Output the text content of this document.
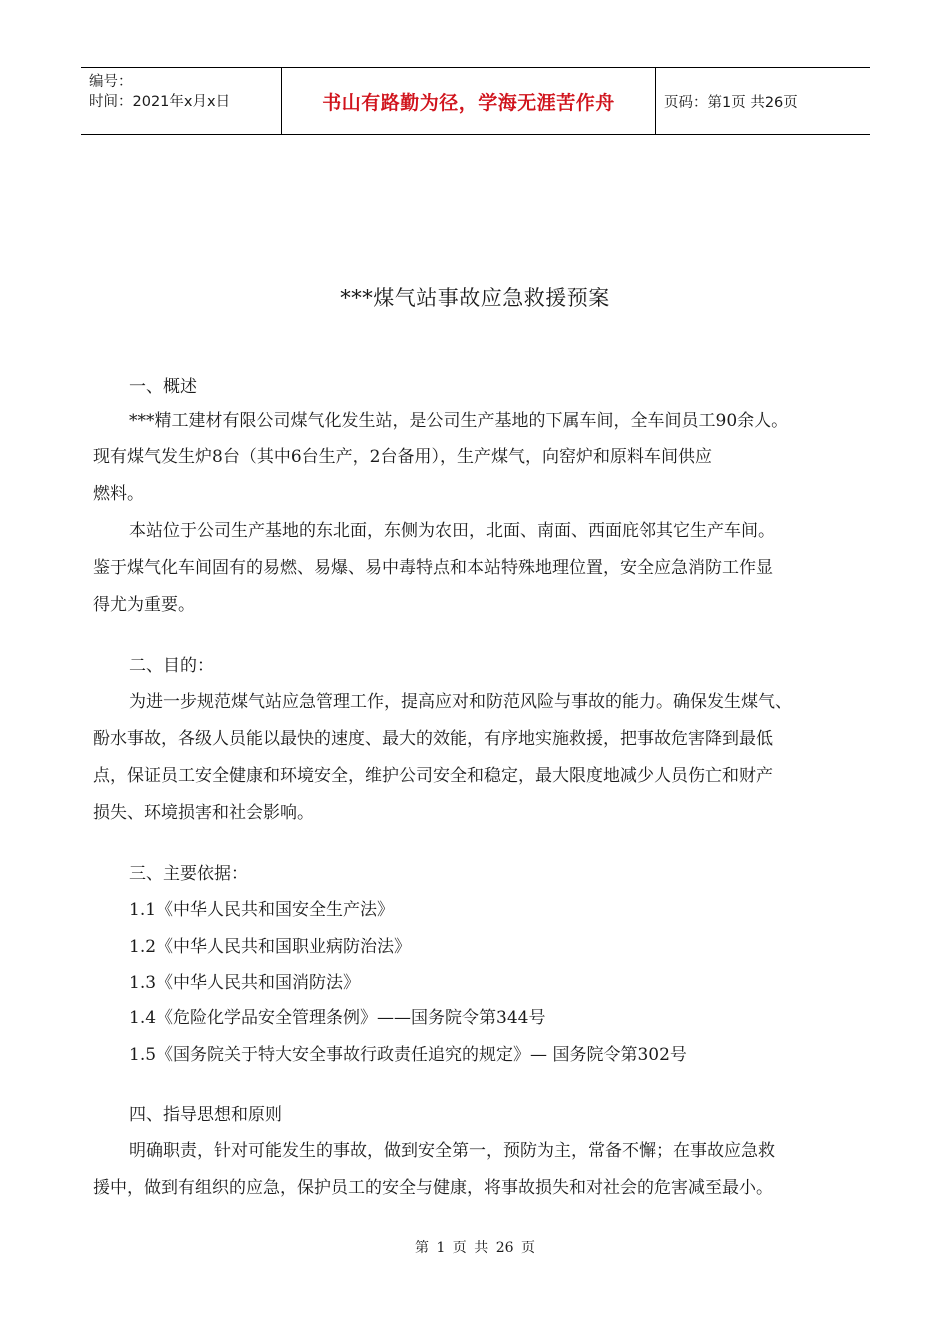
编号：
时间：2021年x月x日	书山有路勤为径，学海无涯苦作舟	页码：第1页 共26页
***煤气站事故应急救援预案
一、概述
***精工建材有限公司煤气化发生站，是公司生产基地的下属车间，全车间员工90余人。
现有煤气发生炉8台（其中6台生产，2台备用），生产煤气，向窑炉和原料车间供应
燃料。
本站位于公司生产基地的东北面，东侧为农田，北面、南面、西面庇邻其它生产车间。
鉴于煤气化车间固有的易燃、易爆、易中毒特点和本站特殊地理位置，安全应急消防工作显
得尤为重要。
二、目的：
为进一步规范煤气站应急管理工作，提高应对和防范风险与事故的能力。确保发生煤气、
酚水事故，各级人员能以最快的速度、最大的效能，有序地实施救援，把事故危害降到最低
点，保证员工安全健康和环境安全，维护公司安全和稳定，最大限度地减少人员伤亡和财产
损失、环境损害和社会影响。
三、主要依据：
1.1《中华人民共和国安全生产法》
1.2《中华人民共和国职业病防治法》
1.3《中华人民共和国消防法》
1.4《危险化学品安全管理条例》——国务院令第344号
1.5《国务院关于特大安全事故行政责任追究的规定》— 国务院令第302号
四、指导思想和原则
明确职责，针对可能发生的事故，做到安全第一，预防为主，常备不懈；在事故应急救
援中，做到有组织的应急，保护员工的安全与健康，将事故损失和对社会的危害减至最小。
第 1 页 共 26 页
